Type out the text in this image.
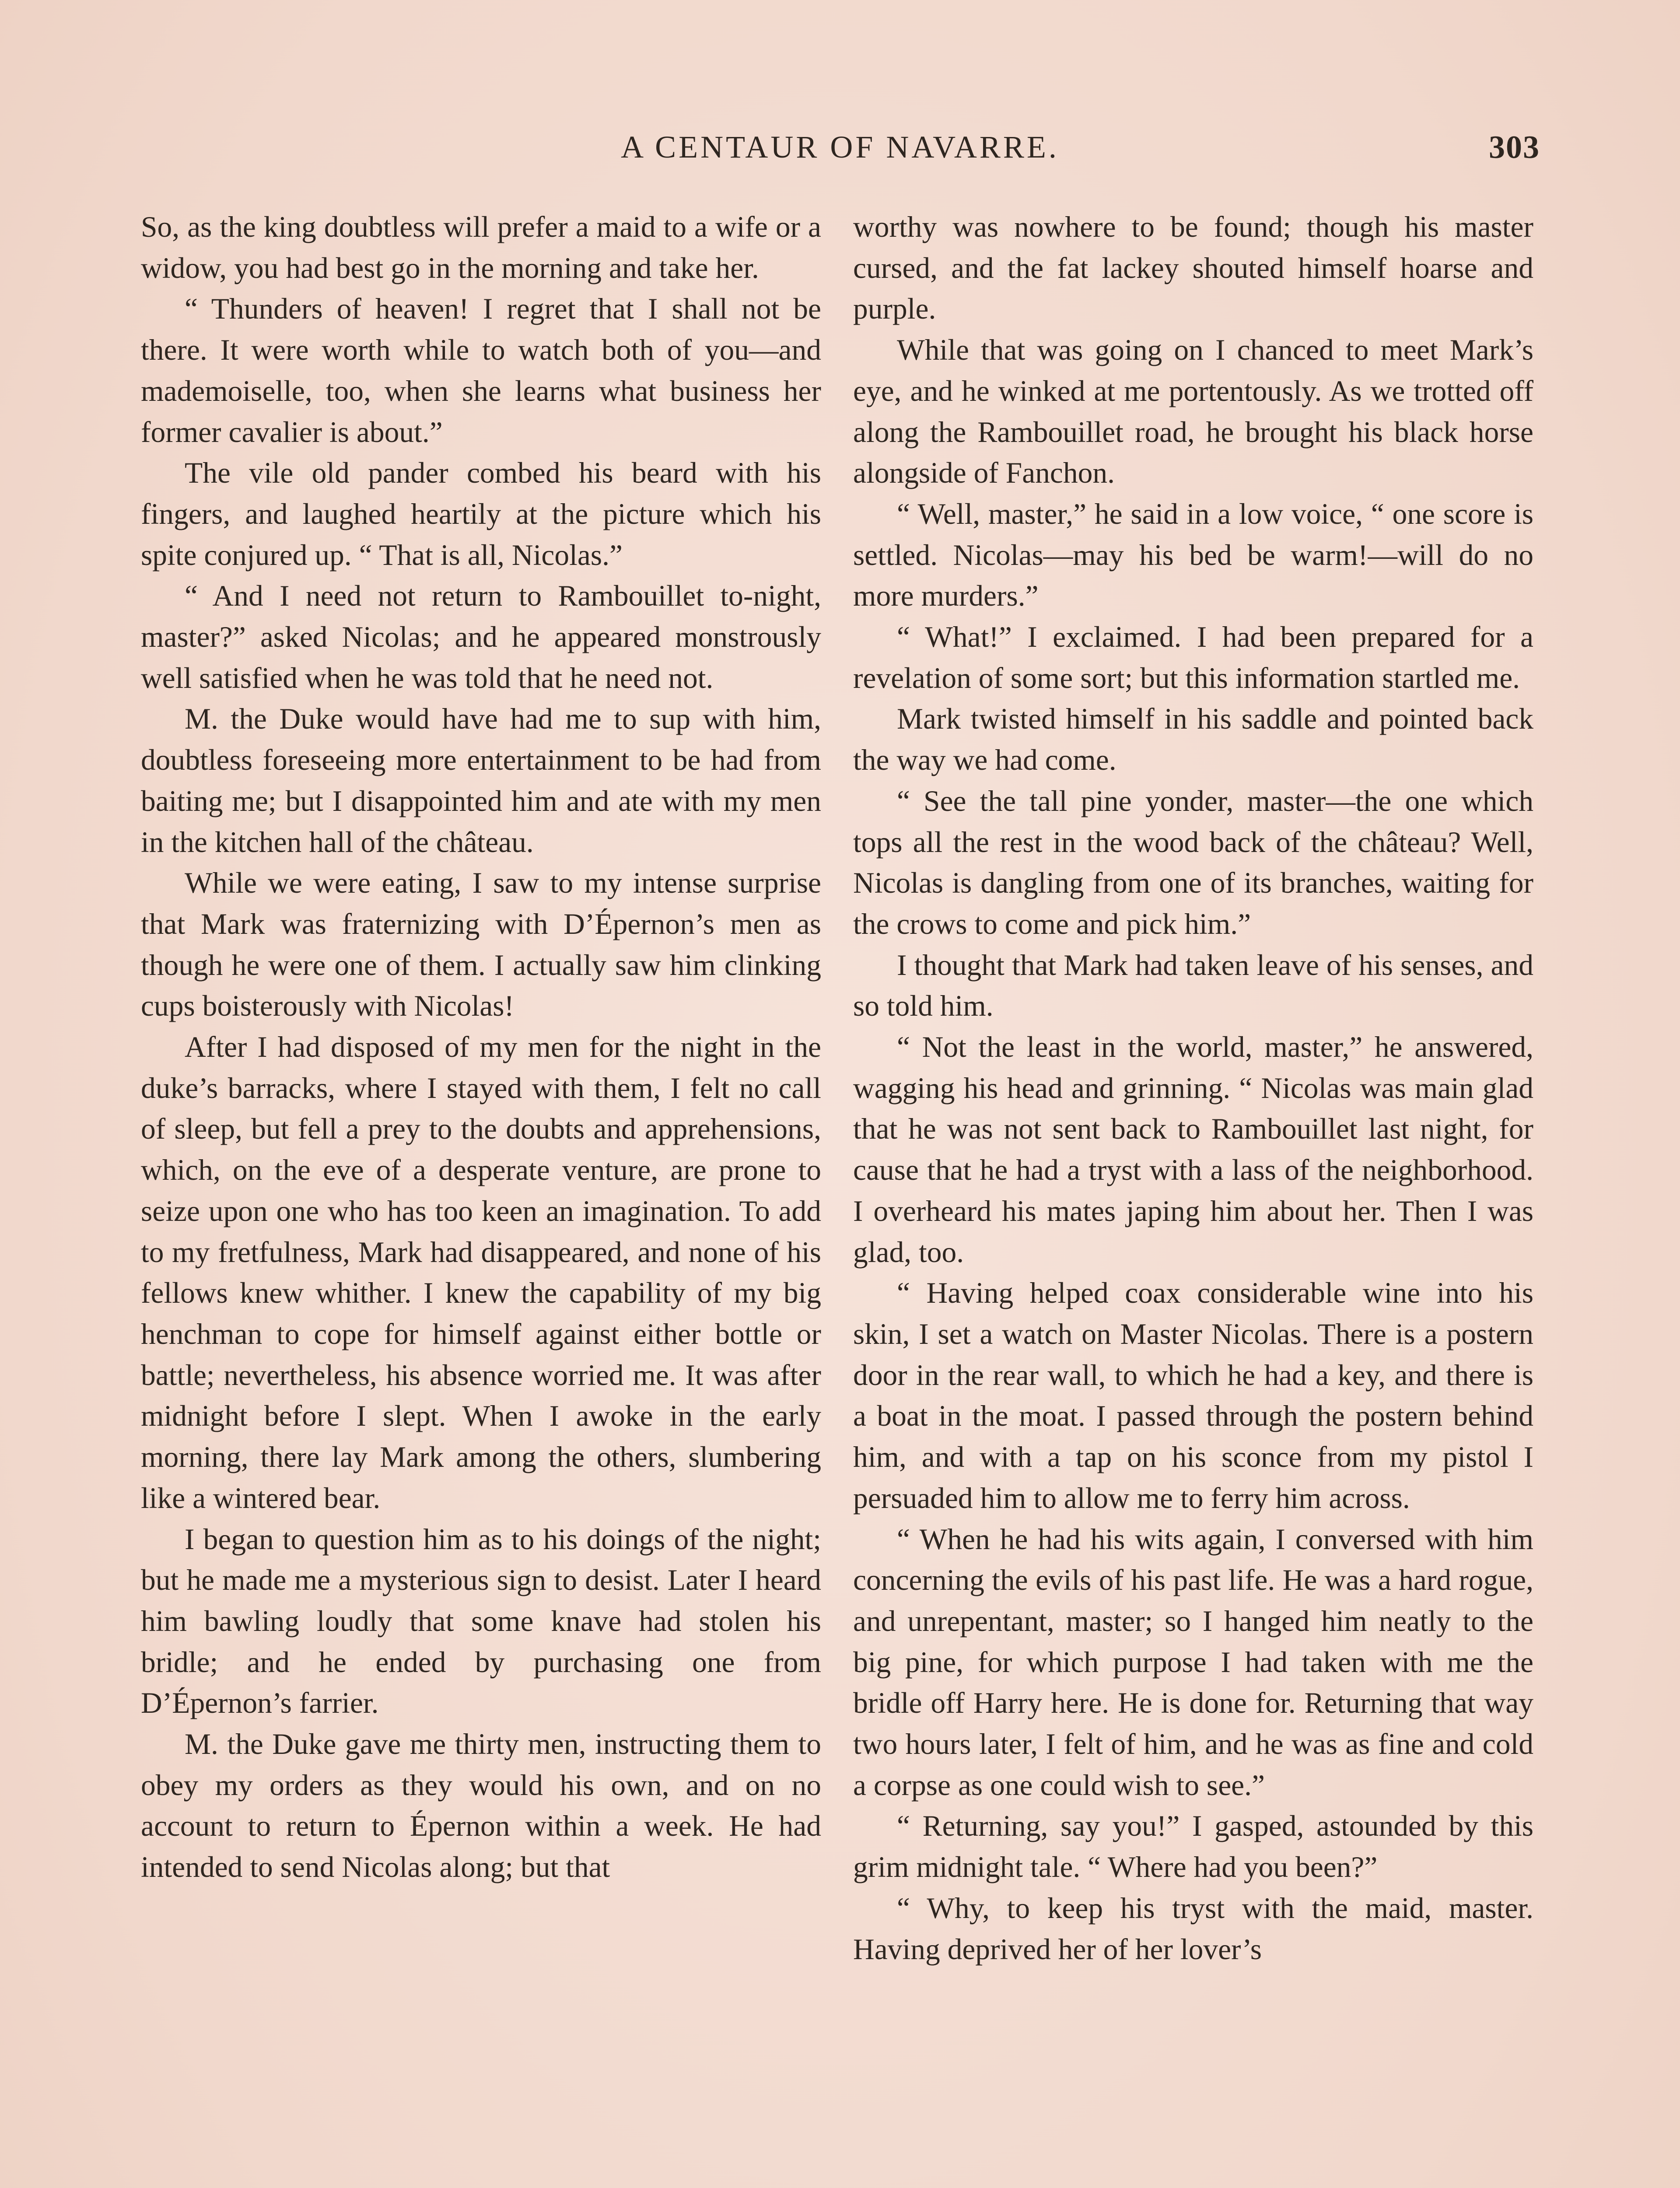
A CENTAUR OF NAVARRE.	303

So, as the king doubtless will prefer a maid to a wife or a widow, you had best go in the morning and take her.

“ Thunders of heaven! I regret that I shall not be there. It were worth while to watch both of you—and mademoiselle, too, when she learns what business her former cavalier is about.”

The vile old pander combed his beard with his fingers, and laughed heartily at the picture which his spite conjured up. “ That is all, Nicolas.”

“ And I need not return to Rambouillet to-night, master?” asked Nicolas; and he appeared monstrously well satisfied when he was told that he need not.

M. the Duke would have had me to sup with him, doubtless foreseeing more entertainment to be had from baiting me; but I disappointed him and ate with my men in the kitchen hall of the château.

While we were eating, I saw to my intense surprise that Mark was fraternizing with D’Épernon’s men as though he were one of them. I actually saw him clinking cups boisterously with Nicolas!

After I had disposed of my men for the night in the duke’s barracks, where I stayed with them, I felt no call of sleep, but fell a prey to the doubts and apprehensions, which, on the eve of a desperate venture, are prone to seize upon one who has too keen an imagination. To add to my fretfulness, Mark had disappeared, and none of his fellows knew whither. I knew the capability of my big henchman to cope for himself against either bottle or battle; nevertheless, his absence worried me. It was after midnight before I slept. When I awoke in the early morning, there lay Mark among the others, slumbering like a wintered bear.

I began to question him as to his doings of the night; but he made me a mysterious sign to desist. Later I heard him bawling loudly that some knave had stolen his bridle; and he ended by purchasing one from D’Épernon’s farrier.

M. the Duke gave me thirty men, instructing them to obey my orders as they would his own, and on no account to return to Épernon within a week. He had intended to send Nicolas along; but that

worthy was nowhere to be found; though his master cursed, and the fat lackey shouted himself hoarse and purple.

While that was going on I chanced to meet Mark’s eye, and he winked at me portentously. As we trotted off along the Rambouillet road, he brought his black horse alongside of Fanchon.

“ Well, master,” he said in a low voice, “ one score is settled. Nicolas—may his bed be warm!—will do no more murders.”

“ What!” I exclaimed. I had been prepared for a revelation of some sort; but this information startled me.

Mark twisted himself in his saddle and pointed back the way we had come.

“ See the tall pine yonder, master—the one which tops all the rest in the wood back of the château? Well, Nicolas is dangling from one of its branches, waiting for the crows to come and pick him.”

I thought that Mark had taken leave of his senses, and so told him.

“ Not the least in the world, master,” he answered, wagging his head and grinning. “ Nicolas was main glad that he was not sent back to Rambouillet last night, for cause that he had a tryst with a lass of the neighborhood. I overheard his mates japing him about her. Then I was glad, too.

“ Having helped coax considerable wine into his skin, I set a watch on Master Nicolas. There is a postern door in the rear wall, to which he had a key, and there is a boat in the moat. I passed through the postern behind him, and with a tap on his sconce from my pistol I persuaded him to allow me to ferry him across.

“ When he had his wits again, I conversed with him concerning the evils of his past life. He was a hard rogue, and unrepentant, master; so I hanged him neatly to the big pine, for which purpose I had taken with me the bridle off Harry here. He is done for. Returning that way two hours later, I felt of him, and he was as fine and cold a corpse as one could wish to see.”

“ Returning, say you!” I gasped, astounded by this grim midnight tale. “ Where had you been?”

“ Why, to keep his tryst with the maid, master. Having deprived her of her lover’s
